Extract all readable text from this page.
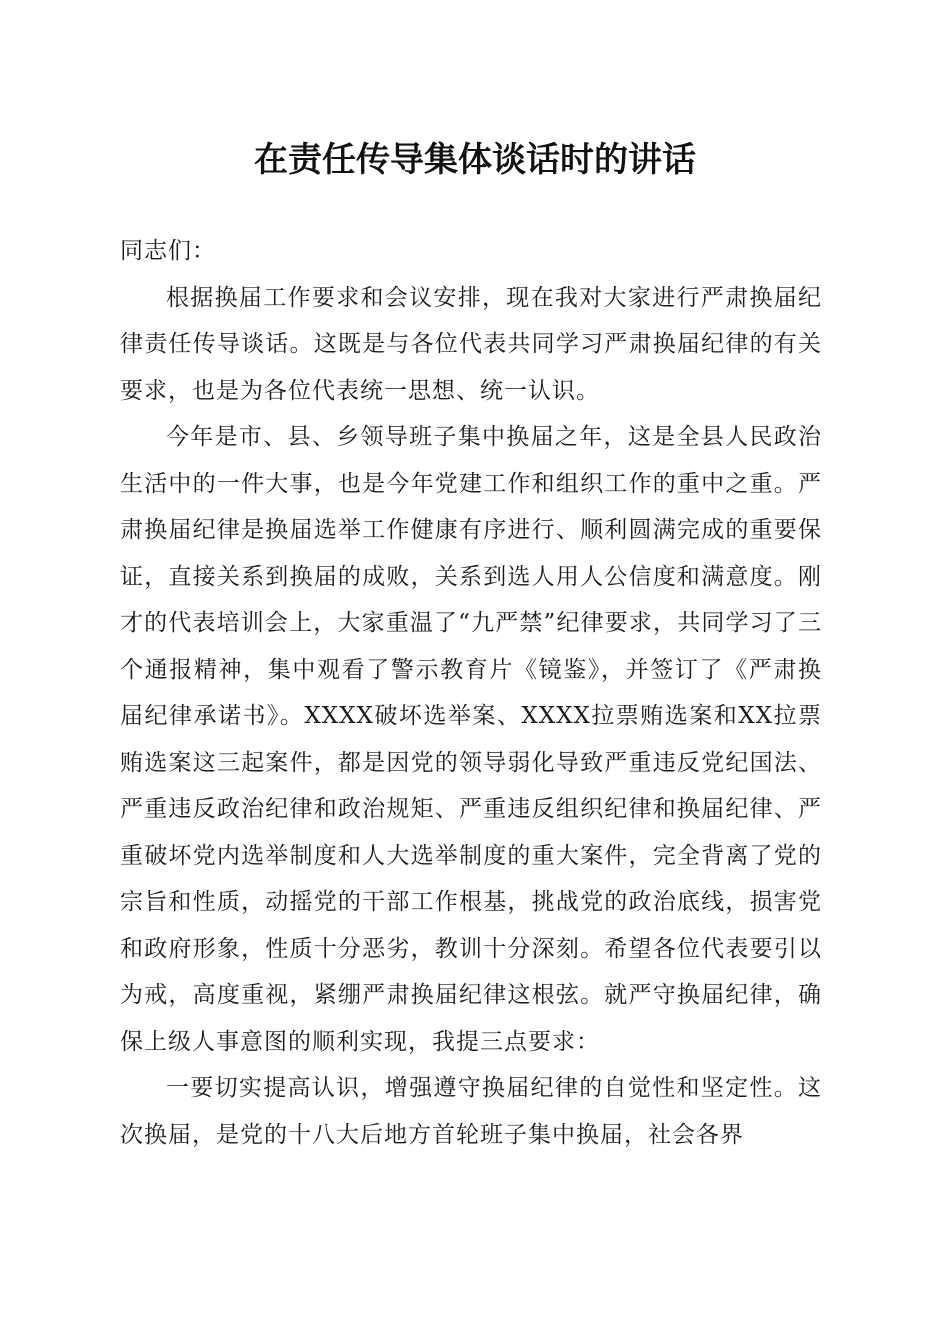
在责任传导集体谈话时的讲话

同志们：

根据换届工作要求和会议安排，现在我对大家进行严肃换届纪律责任传导谈话。这既是与各位代表共同学习严肃换届纪律的有关要求，也是为各位代表统一思想、统一认识。

今年是市、县、乡领导班子集中换届之年，这是全县人民政治生活中的一件大事，也是今年党建工作和组织工作的重中之重。严肃换届纪律是换届选举工作健康有序进行、顺利圆满完成的重要保证，直接关系到换届的成败，关系到选人用人公信度和满意度。刚才的代表培训会上，大家重温了“九严禁”纪律要求，共同学习了三个通报精神，集中观看了警示教育片《镜鉴》，并签订了《严肃换届纪律承诺书》。XXXX破坏选举案、XXXX拉票贿选案和XX拉票贿选案这三起案件，都是因党的领导弱化导致严重违反党纪国法、严重违反政治纪律和政治规矩、严重违反组织纪律和换届纪律、严重破坏党内选举制度和人大选举制度的重大案件，完全背离了党的宗旨和性质，动摇党的干部工作根基，挑战党的政治底线，损害党和政府形象，性质十分恶劣，教训十分深刻。希望各位代表要引以为戒，高度重视，紧绷严肃换届纪律这根弦。就严守换届纪律，确保上级人事意图的顺利实现，我提三点要求：

一要切实提高认识，增强遵守换届纪律的自觉性和坚定性。这次换届，是党的十八大后地方首轮班子集中换届，社会各界
